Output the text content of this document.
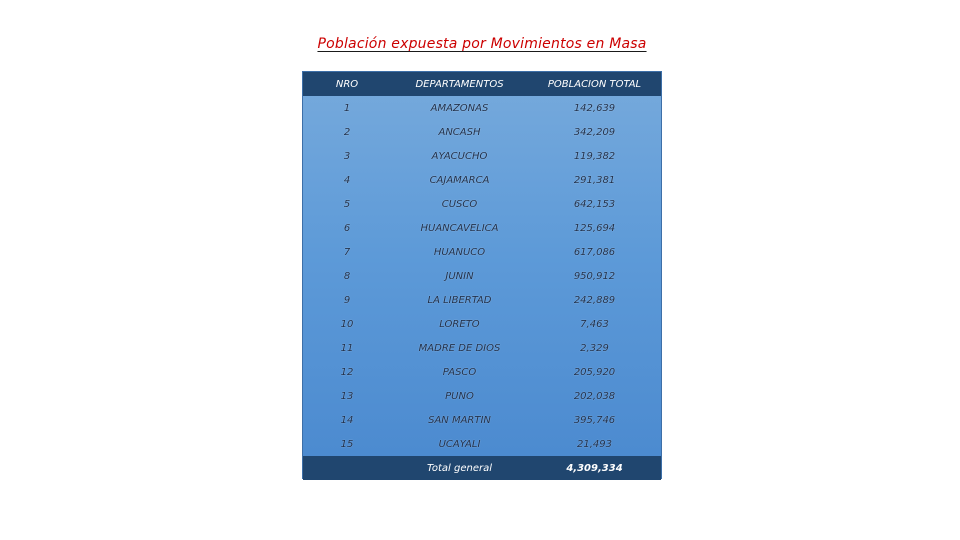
Población expuesta por Movimientos en Masa
NRO	DEPARTAMENTOS	POBLACION TOTAL
1	AMAZONAS	142,639
2	ANCASH	342,209
3	AYACUCHO	119,382
4	CAJAMARCA	291,381
5	CUSCO	642,153
6	HUANCAVELICA	125,694
7	HUANUCO	617,086
8	JUNIN	950,912
9	LA LIBERTAD	242,889
10	LORETO	7,463
11	MADRE DE DIOS	2,329
12	PASCO	205,920
13	PUNO	202,038
14	SAN MARTIN	395,746
15	UCAYALI	21,493
	Total general	4,309,334
